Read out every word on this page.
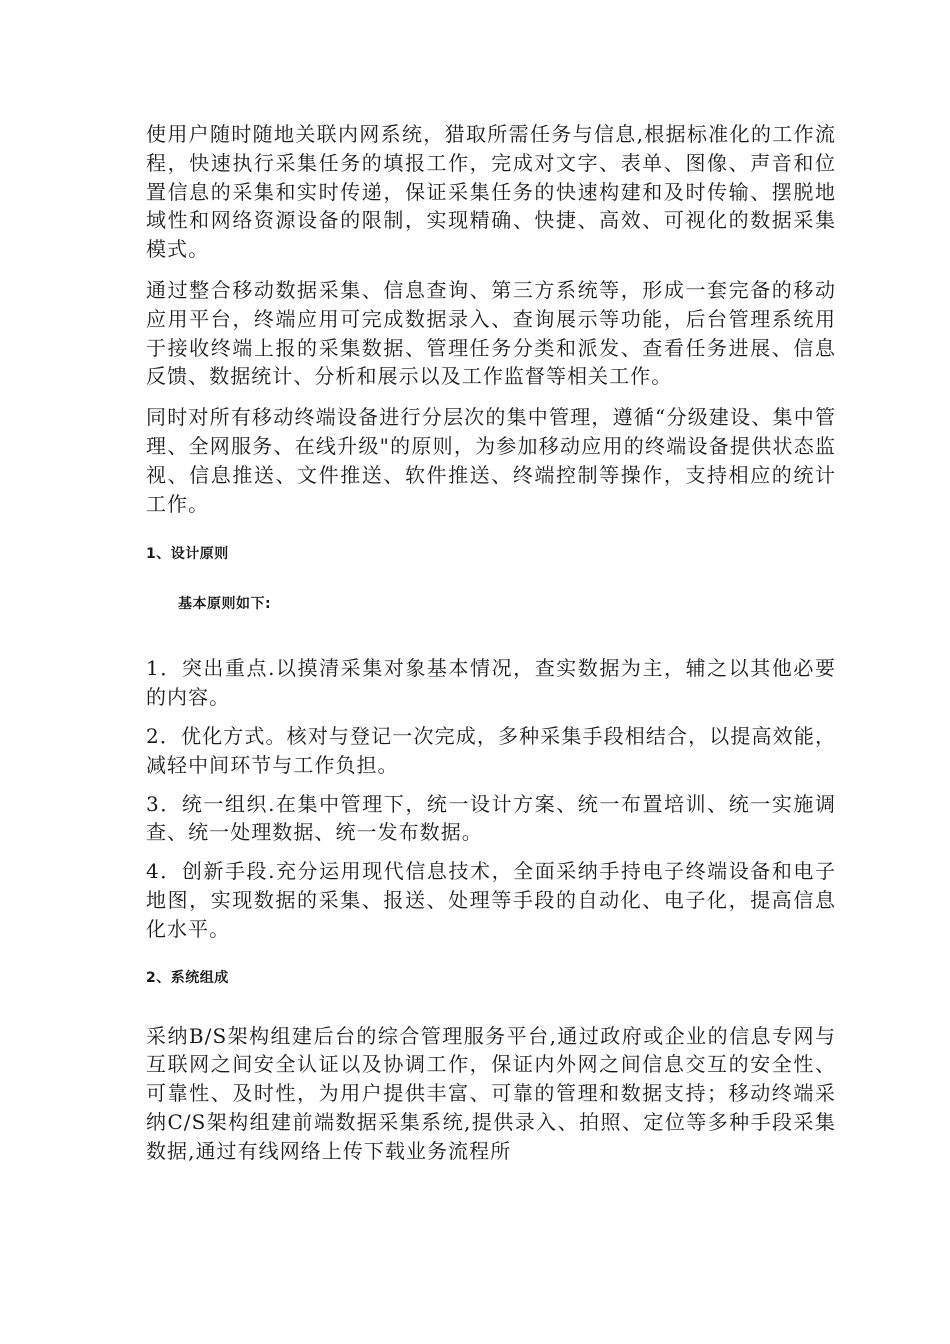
使用户随时随地关联内网系统，猎取所需任务与信息,根据标准化的工作流程，快速执行采集任务的填报工作，完成对文字、表单、图像、声音和位置信息的采集和实时传递，保证采集任务的快速构建和及时传输、摆脱地域性和网络资源设备的限制，实现精确、快捷、高效、可视化的数据采集模式。

通过整合移动数据采集、信息查询、第三方系统等，形成一套完备的移动应用平台，终端应用可完成数据录入、查询展示等功能，后台管理系统用于接收终端上报的采集数据、管理任务分类和派发、查看任务进展、信息反馈、数据统计、分析和展示以及工作监督等相关工作。

同时对所有移动终端设备进行分层次的集中管理，遵循“分级建设、集中管理、全网服务、在线升级"的原则，为参加移动应用的终端设备提供状态监视、信息推送、文件推送、软件推送、终端控制等操作，支持相应的统计工作。

1、设计原则

基本原则如下:

1．突出重点.以摸清采集对象基本情况，查实数据为主，辅之以其他必要的内容。

2．优化方式。核对与登记一次完成，多种采集手段相结合，以提高效能，减轻中间环节与工作负担。

3．统一组织.在集中管理下，统一设计方案、统一布置培训、统一实施调查、统一处理数据、统一发布数据。

4．创新手段.充分运用现代信息技术，全面采纳手持电子终端设备和电子地图，实现数据的采集、报送、处理等手段的自动化、电子化，提高信息化水平。

2、系统组成

采纳B/S架构组建后台的综合管理服务平台,通过政府或企业的信息专网与互联网之间安全认证以及协调工作，保证内外网之间信息交互的安全性、可靠性、及时性，为用户提供丰富、可靠的管理和数据支持；移动终端采纳C/S架构组建前端数据采集系统,提供录入、拍照、定位等多种手段采集数据,通过有线网络上传下载业务流程所
